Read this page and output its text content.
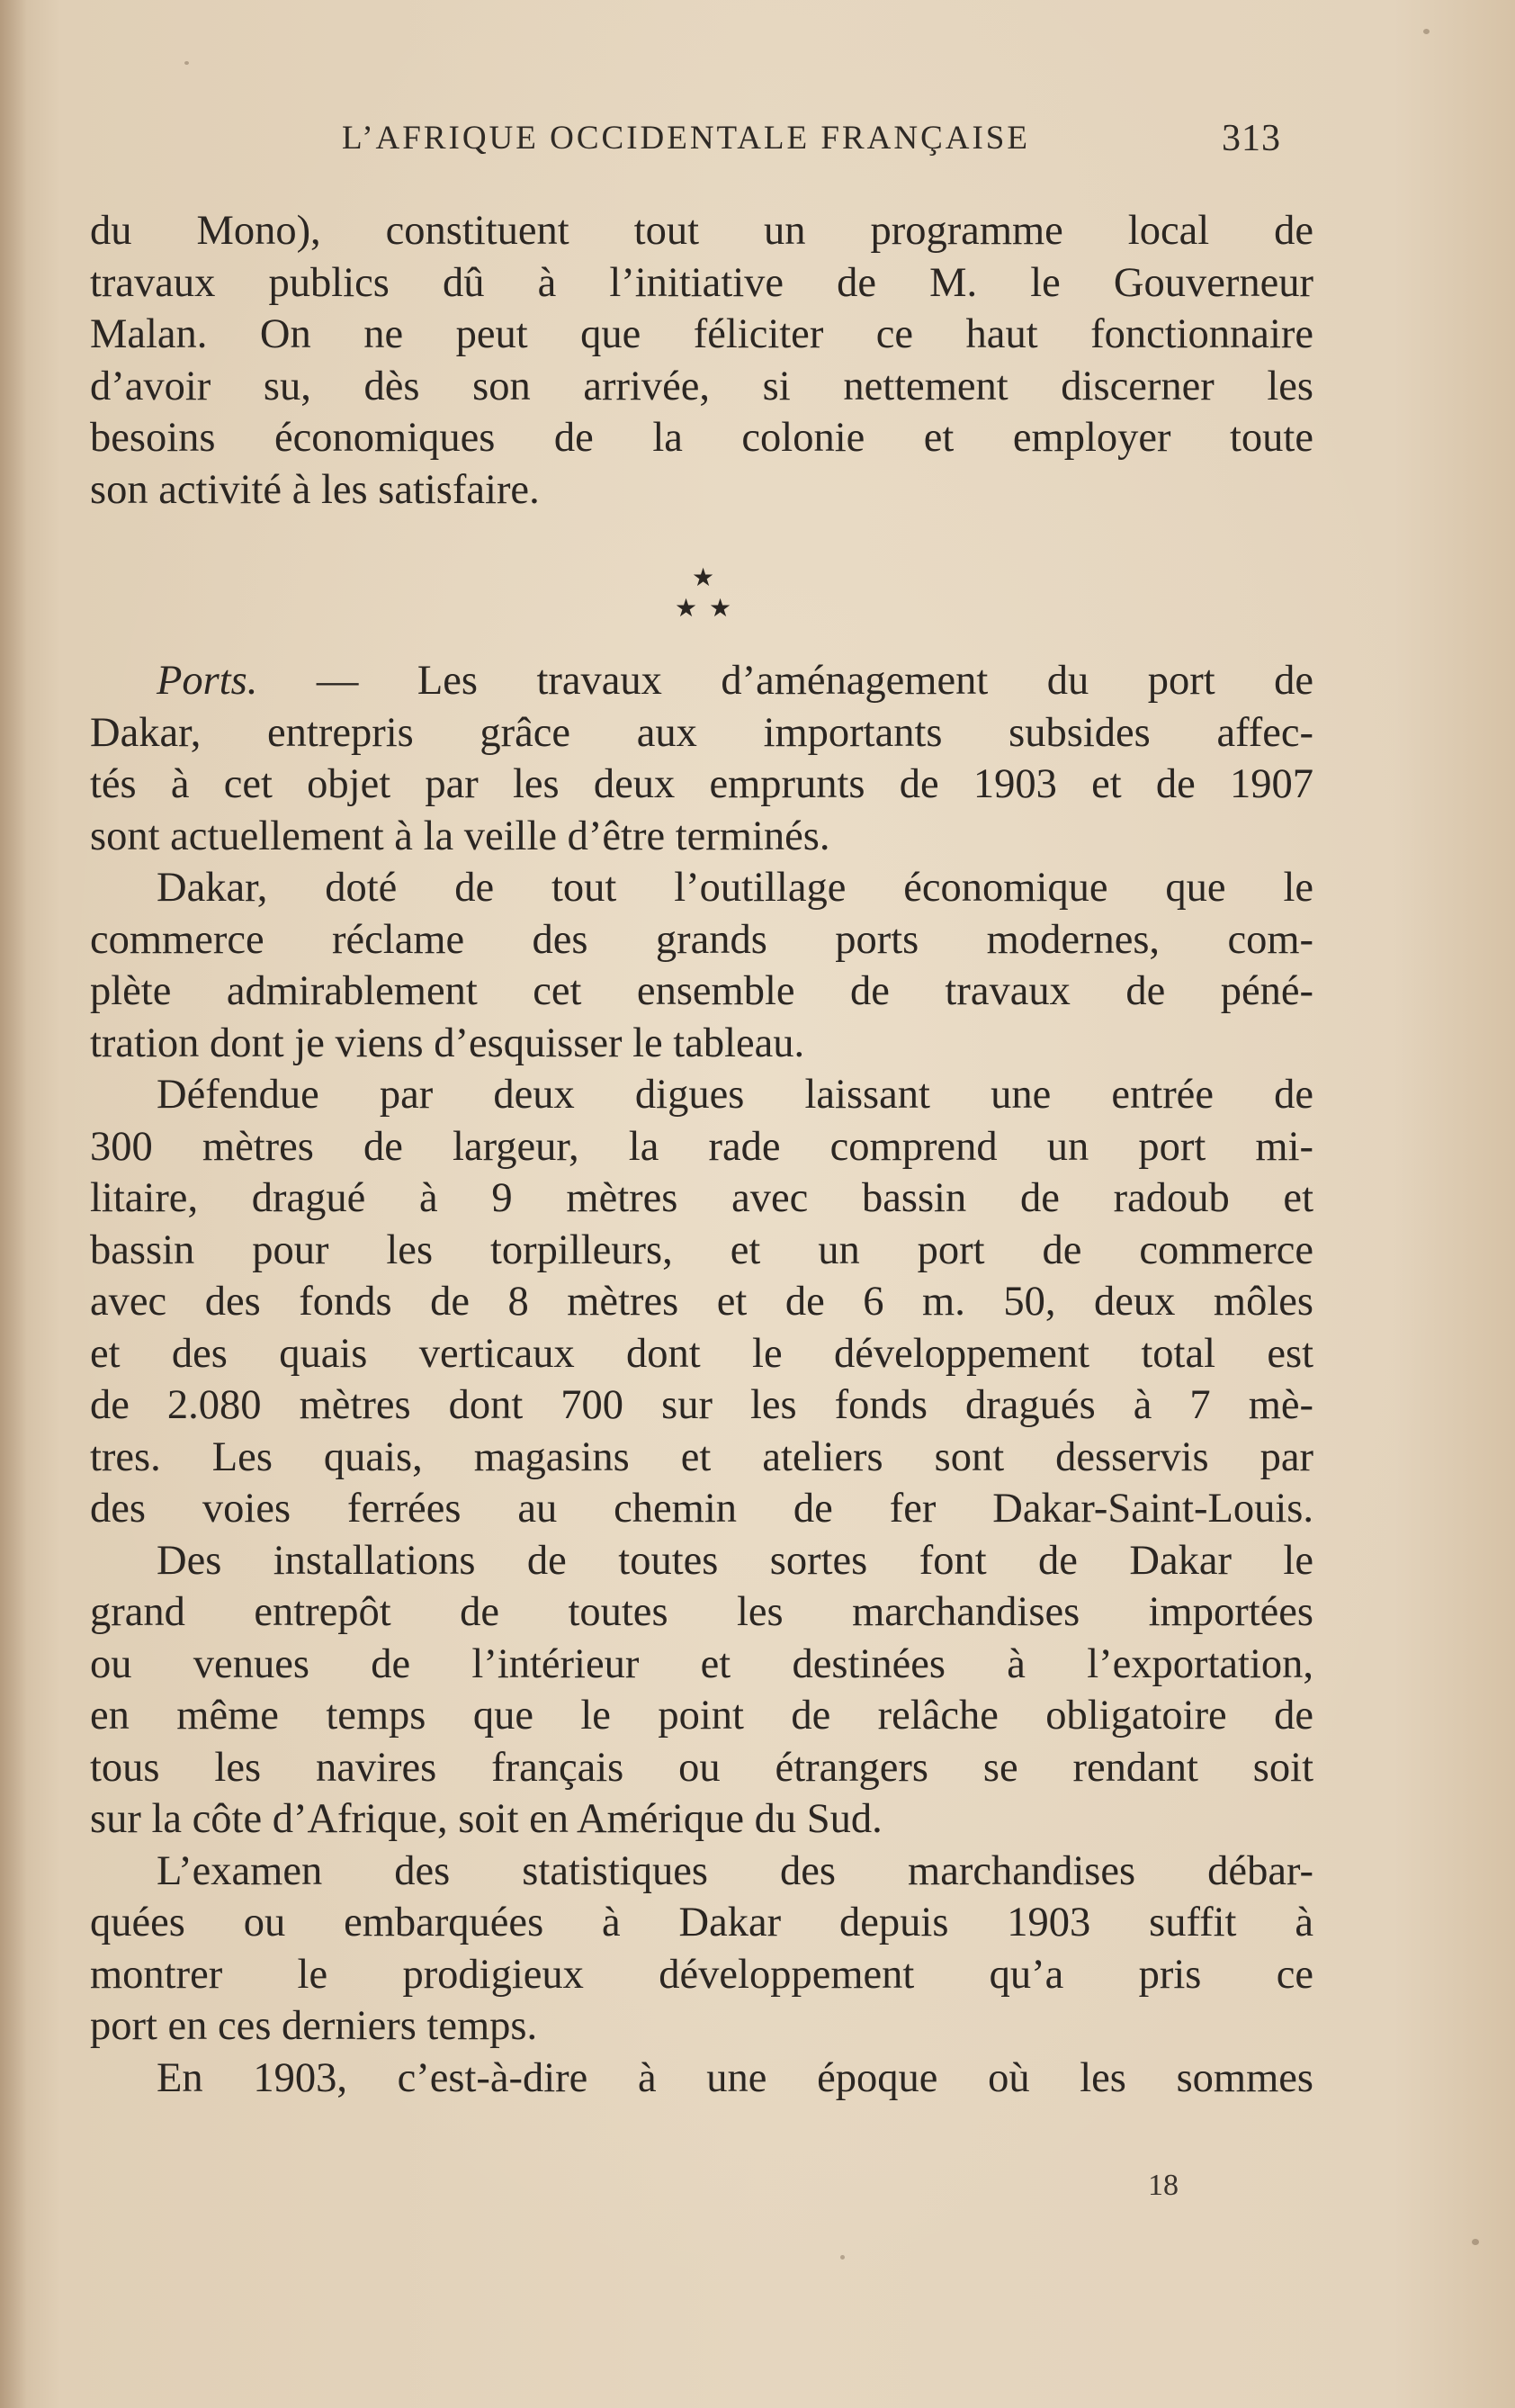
L’AFRIQUE OCCIDENTALE FRANÇAISE	313
★
★ ★
du Mono), constituent tout un programme local de
travaux publics dû à l’initiative de M. le Gouverneur
Malan. On ne peut que féliciter ce haut fonctionnaire
d’avoir su, dès son arrivée, si nettement discerner les
besoins économiques de la colonie et employer toute
son activité à les satisfaire.
Ports. — Les travaux d’aménagement du port de
Dakar, entrepris grâce aux importants subsides affec-
tés à cet objet par les deux emprunts de 1903 et de 1907
sont actuellement à la veille d’être terminés.
Dakar, doté de tout l’outillage économique que le
commerce réclame des grands ports modernes, com-
plète admirablement cet ensemble de travaux de péné-
tration dont je viens d’esquisser le tableau.
Défendue par deux digues laissant une entrée de
300 mètres de largeur, la rade comprend un port mi-
litaire, dragué à 9 mètres avec bassin de radoub et
bassin pour les torpilleurs, et un port de commerce
avec des fonds de 8 mètres et de 6 m. 50, deux môles
et des quais verticaux dont le développement total est
de 2.080 mètres dont 700 sur les fonds dragués à 7 mè-
tres. Les quais, magasins et ateliers sont desservis par
des voies ferrées au chemin de fer Dakar-Saint-Louis.
Des installations de toutes sortes font de Dakar le
grand entrepôt de toutes les marchandises importées
ou venues de l’intérieur et destinées à l’exportation,
en même temps que le point de relâche obligatoire de
tous les navires français ou étrangers se rendant soit
sur la côte d’Afrique, soit en Amérique du Sud.
L’examen des statistiques des marchandises débar-
quées ou embarquées à Dakar depuis 1903 suffit à
montrer le prodigieux développement qu’a pris ce
port en ces derniers temps.
En 1903, c’est-à-dire à une époque où les sommes
18
